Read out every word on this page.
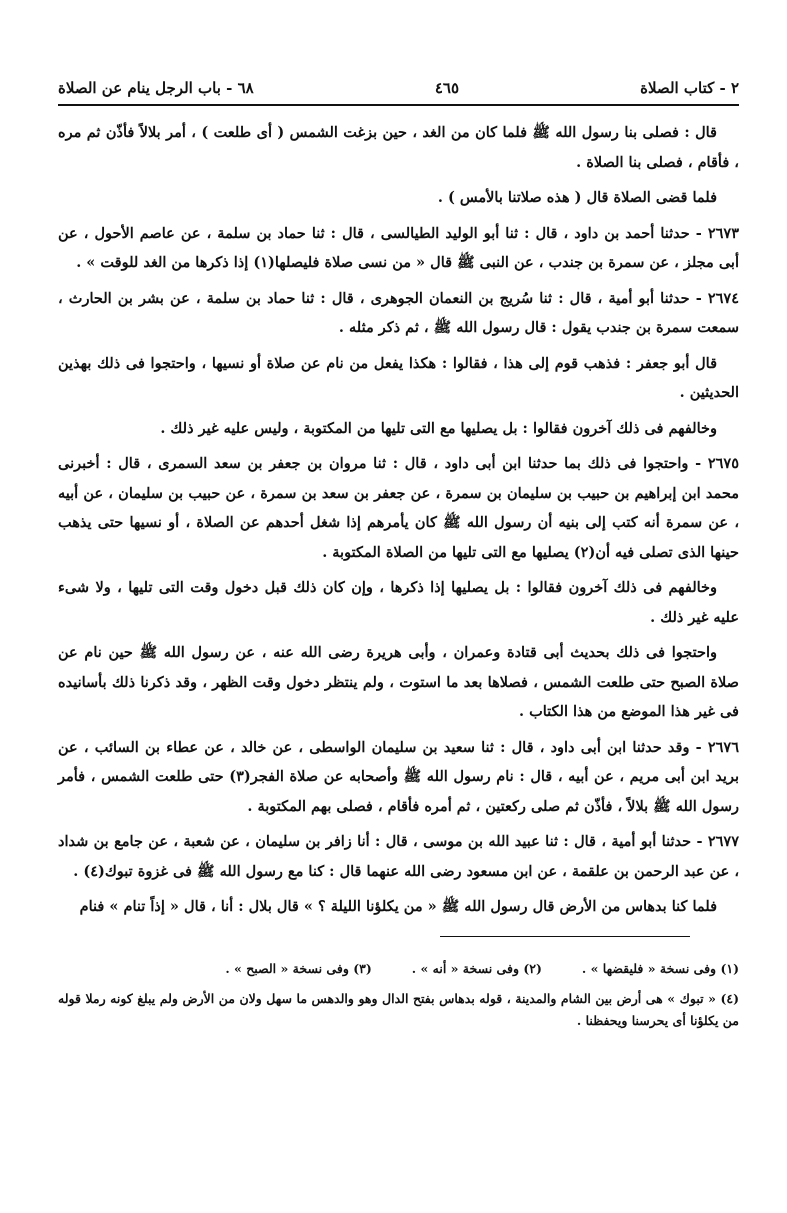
٢ - كتاب الصلاة
٤٦٥
٦٨ - باب الرجل ينام عن الصلاة

قال : فصلى بنا رسول الله ﷺ فلما كان من الغد ، حين بزغت الشمس ( أى طلعت ) ، أمر بلالاً فأذّن ثم مره ، فأقام ، فصلى بنا الصلاة .

فلما قضى الصلاة قال ( هذه صلاتنا بالأمس ) .

٢٦٧٣ - حدثنا أحمد بن داود ، قال : ثنا أبو الوليد الطيالسى ، قال : ثنا حماد بن سلمة ، عن عاصم الأحول ، عن أبى مجلز ، عن سمرة بن جندب ، عن النبى ﷺ قال « من نسى صلاة فليصلها(١) إذا ذكرها من الغد للوقت » .

٢٦٧٤ - حدثنا أبو أمية ، قال : ثنا سُريج بن النعمان الجوهرى ، قال : ثنا حماد بن سلمة ، عن بشر بن الحارث ، سمعت سمرة بن جندب يقول : قال رسول الله ﷺ ، ثم ذكر مثله .

قال أبو جعفر : فذهب قوم إلى هذا ، فقالوا : هكذا يفعل من نام عن صلاة أو نسيها ، واحتجوا فى ذلك بهذين الحديثين .

وخالفهم فى ذلك آخرون فقالوا : بل يصليها مع التى تليها من المكتوبة ، وليس عليه غير ذلك .

٢٦٧٥ - واحتجوا فى ذلك بما حدثنا ابن أبى داود ، قال : ثنا مروان بن جعفر بن سعد السمرى ، قال : أخبرنى محمد ابن إبراهيم بن حبيب بن سليمان بن سمرة ، عن جعفر بن سعد بن سمرة ، عن حبيب بن سليمان ، عن أبيه ، عن سمرة أنه كتب إلى بنيه أن رسول الله ﷺ كان يأمرهم إذا شغل أحدهم عن الصلاة ، أو نسيها حتى يذهب حينها الذى تصلى فيه أن(٢) يصليها مع التى تليها من الصلاة المكتوبة .

وخالفهم فى ذلك آخرون فقالوا : بل يصليها إذا ذكرها ، وإن كان ذلك قبل دخول وقت التى تليها ، ولا شىء عليه غير ذلك .

واحتجوا فى ذلك بحديث أبى قتادة وعمران ، وأبى هريرة رضى الله عنه ، عن رسول الله ﷺ حين نام عن صلاة الصبح حتى طلعت الشمس ، فصلاها بعد ما استوت ، ولم ينتظر دخول وقت الظهر ، وقد ذكرنا ذلك بأسانيده فى غير هذا الموضع من هذا الكتاب .

٢٦٧٦ - وقد حدثنا ابن أبى داود ، قال : ثنا سعيد بن سليمان الواسطى ، عن خالد ، عن عطاء بن السائب ، عن بريد ابن أبى مريم ، عن أبيه ، قال : نام رسول الله ﷺ وأصحابه عن صلاة الفجر(٣) حتى طلعت الشمس ، فأمر رسول الله ﷺ بلالاً ، فأذّن ثم صلى ركعتين ، ثم أمره فأقام ، فصلى بهم المكتوبة .

٢٦٧٧ - حدثنا أبو أمية ، قال : ثنا عبيد الله بن موسى ، قال : أنا زافر بن سليمان ، عن شعبة ، عن جامع بن شداد ، عن عبد الرحمن بن علقمة ، عن ابن مسعود رضى الله عنهما قال : كنا مع رسول الله ﷺ فى غزوة تبوك(٤) .

فلما كنا بدهاس من الأرض قال رسول الله ﷺ « من يكلؤنا الليلة ؟ » قال بلال : أنا ، قال « إذاً تنام » فنام

(١) وفى نسخة « فليقضها » .
(٢) وفى نسخة « أنه » .
(٣) وفى نسخة « الصبح » .
(٤) « تبوك » هى أرض بين الشام والمدينة ، قوله بدهاس بفتح الدال وهو والدهس ما سهل ولان من الأرض ولم يبلغ كونه رملا قوله من يكلؤنا أى يحرسنا ويحفظنا .
